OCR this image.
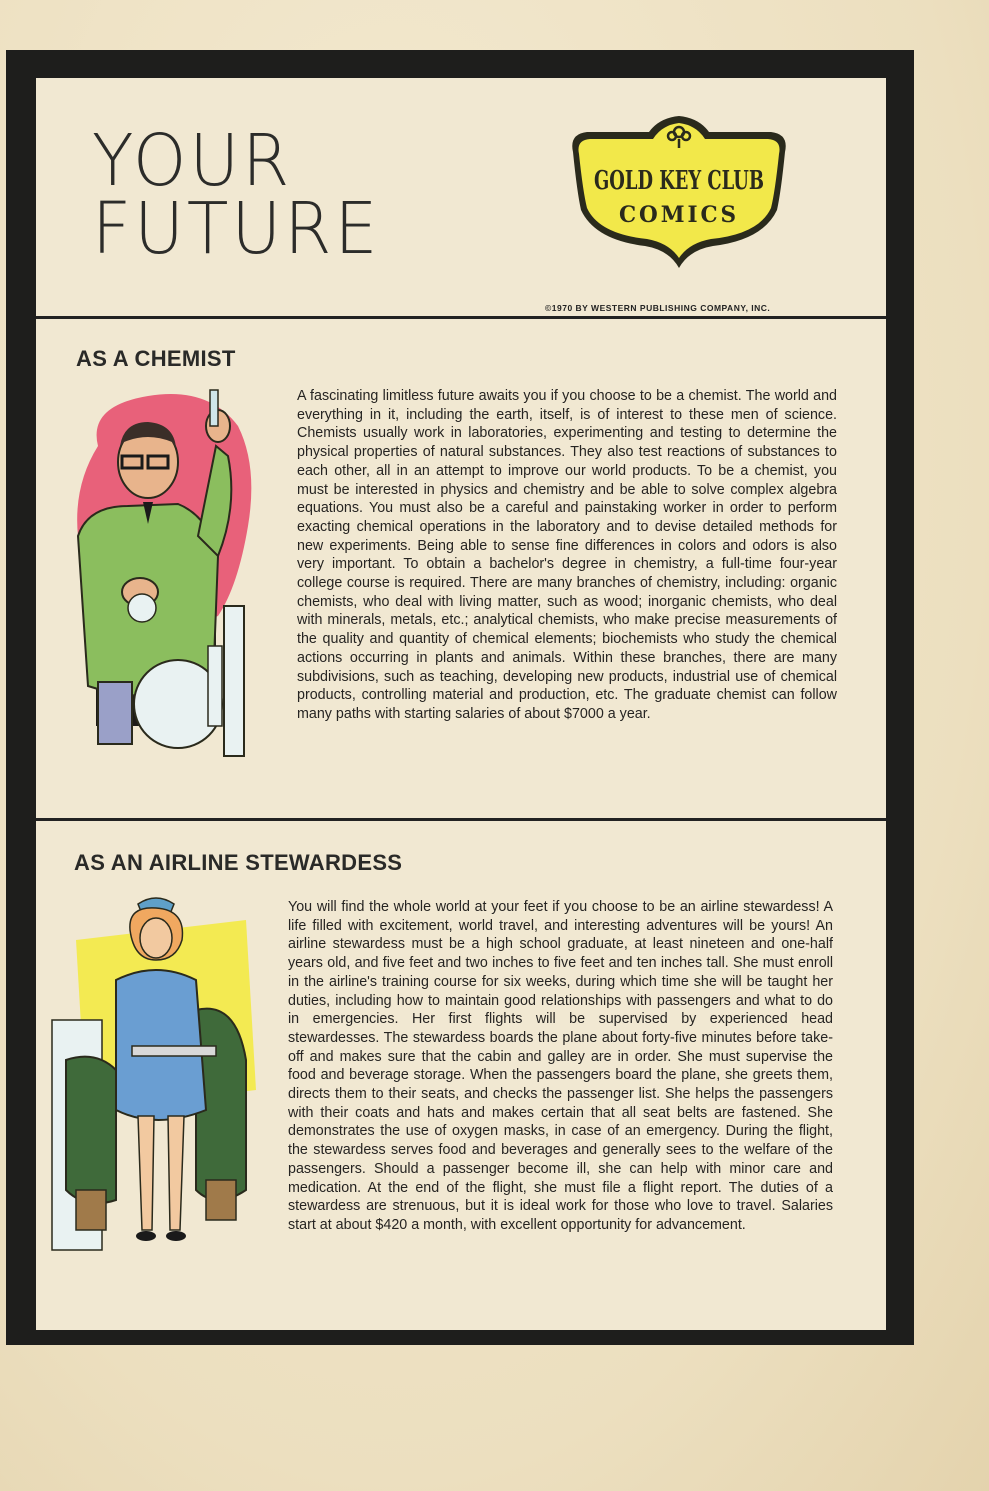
YOUR
FUTURE
GOLD KEY CLUB
COMICS
©1970 BY WESTERN PUBLISHING COMPANY, INC.
AS A CHEMIST

A fascinating limitless future awaits you if you choose to be a chemist. The world and everything in it, including the earth, itself, is of interest to these men of science. Chemists usually work in laboratories, experimenting and testing to determine the physical properties of natural substances. They also test reactions of substances to each other, all in an attempt to improve our world products. To be a chemist, you must be interested in physics and chemistry and be able to solve complex algebra equations. You must also be a careful and painstaking worker in order to perform exacting chemical operations in the laboratory and to devise detailed methods for new experiments. Being able to sense fine differences in colors and odors is also very important. To obtain a bachelor's degree in chemistry, a full-time four-year college course is required. There are many branches of chemistry, including: organic chemists, who deal with living matter, such as wood; inorganic chemists, who deal with minerals, metals, etc.; analytical chemists, who make precise measurements of the quality and quantity of chemical elements; biochemists who study the chemical actions occurring in plants and animals. Within these branches, there are many subdivisions, such as teaching, developing new products, industrial use of chemical products, controlling material and production, etc. The graduate chemist can follow many paths with starting salaries of about $7000 a year.

AS AN AIRLINE STEWARDESS

You will find the whole world at your feet if you choose to be an airline stewardess! A life filled with excitement, world travel, and interesting adventures will be yours! An airline stewardess must be a high school graduate, at least nineteen and one-half years old, and five feet and two inches to five feet and ten inches tall. She must enroll in the airline's training course for six weeks, during which time she will be taught her duties, including how to maintain good relationships with passengers and what to do in emergencies. Her first flights will be supervised by experienced head stewardesses. The stewardess boards the plane about forty-five minutes before take-off and makes sure that the cabin and galley are in order. She must supervise the food and beverage storage. When the passengers board the plane, she greets them, directs them to their seats, and checks the passenger list. She helps the passengers with their coats and hats and makes certain that all seat belts are fastened. She demonstrates the use of oxygen masks, in case of an emergency. During the flight, the stewardess serves food and beverages and generally sees to the welfare of the passengers. Should a passenger become ill, she can help with minor care and medication. At the end of the flight, she must file a flight report. The duties of a stewardess are strenuous, but it is ideal work for those who love to travel. Salaries start at about $420 a month, with excellent opportunity for advancement.
